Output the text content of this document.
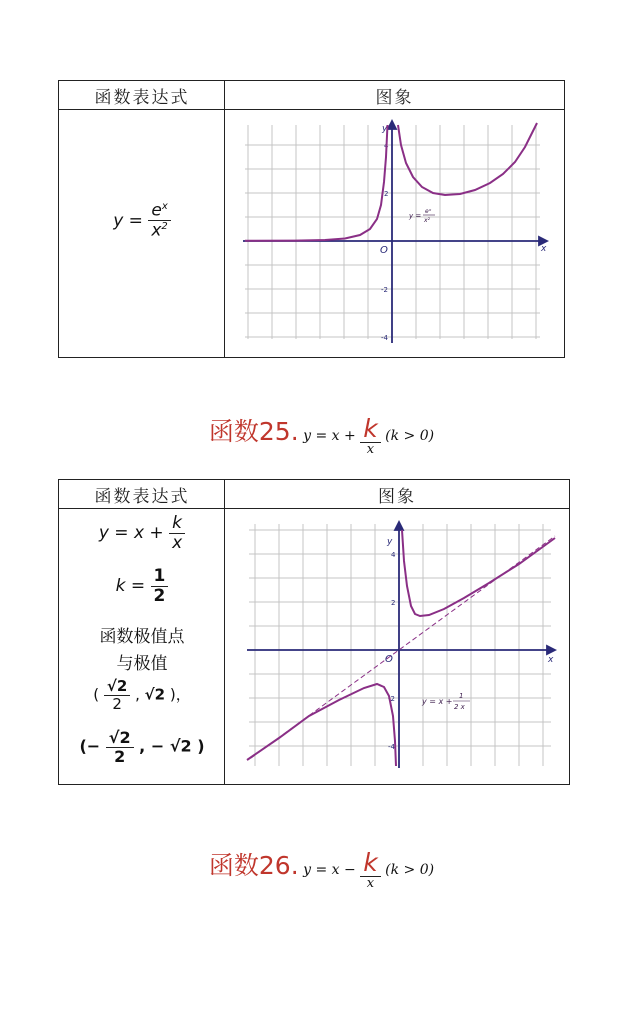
函数表达式	图象
$y = \frac{e^x}{x^2}$
x
y
O
4
2
-2
-4
y =
eˣ
x²
函数25. $y = x + \frac{k}{x} (k > 0)$
函数表达式	图象
$y = x + \frac{k}{x}$
$k = \frac{1}{2}$
函数极值点
与极值
( $\frac{√2}{2}$ , √2 )，
(− $\frac{√2}{2}$ , − √2 )
x
y
O
4
2
-2
-4
y = x +
1
2 x
函数26. $y = x - \frac{k}{x} (k > 0)$
